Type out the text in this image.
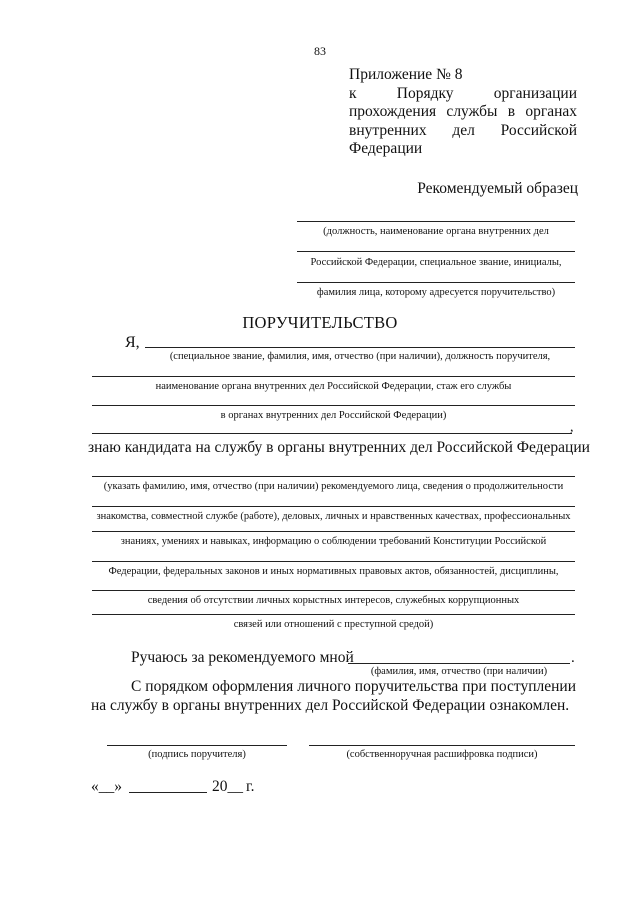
83
Приложение № 8
к Порядку организации
прохождения службы в органах
внутренних дел Российской
Федерации
Рекомендуемый образец
(должность, наименование органа внутренних дел
Российской Федерации, специальное звание, инициалы,
фамилия лица, которому адресуется поручительство)
ПОРУЧИТЕЛЬСТВО
Я,
(специальное звание, фамилия, имя, отчество (при наличии), должность поручителя,
наименование органа внутренних дел Российской Федерации, стаж его службы
в органах внутренних дел Российской Федерации)
,
знаю кандидата на службу в органы внутренних дел Российской Федерации
(указать фамилию, имя, отчество (при наличии) рекомендуемого лица, сведения о продолжительности
знакомства, совместной службе (работе), деловых, личных и нравственных качествах, профессиональных
знаниях, умениях и навыках, информацию о соблюдении требований Конституции Российской
Федерации, федеральных законов и иных нормативных правовых актов, обязанностей, дисциплины,
сведения об отсутствии личных корыстных интересов, служебных коррупционных
связей или отношений с преступной средой)
Ручаюсь за рекомендуемого мной	.
(фамилия, имя, отчество (при наличии)
С порядком оформления личного поручительства при поступлении
на службу в органы внутренних дел Российской Федерации ознакомлен.
(подпись поручителя)	(собственноручная расшифровка подписи)
«__»	20__ г.
